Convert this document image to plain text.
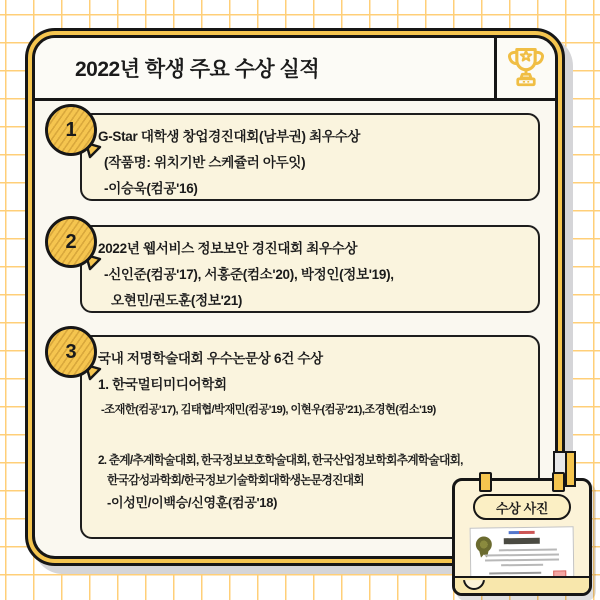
2022년 학생 주요 수상 실적
G-Star 대학생 창업경진대회(남부권) 최우수상
(작품명: 위치기반 스케쥴러 아두잇)
-이승욱(컴공'16)
2022년 웹서비스 정보보안 경진대회 최우수상
-신인준(컴공'17), 서홍준(컴소'20), 박정인(정보'19),
오현민/권도훈(정보'21)
국내 저명학술대회 우수논문상 6건 수상
1. 한국멀티미디어학회
-조재한(컴공'17), 김태협/박재민(컴공'19), 이현우(컴공'21),조경현(컴소'19)
2. 춘계/추계학술대회, 한국정보보호학술대회, 한국산업정보학회추계학술대회,
한국감성과학회/한국정보기술학회대학생논문경진대회
-이성민/이백승/신영훈(컴공'18)
1
2
3
수상 사진
